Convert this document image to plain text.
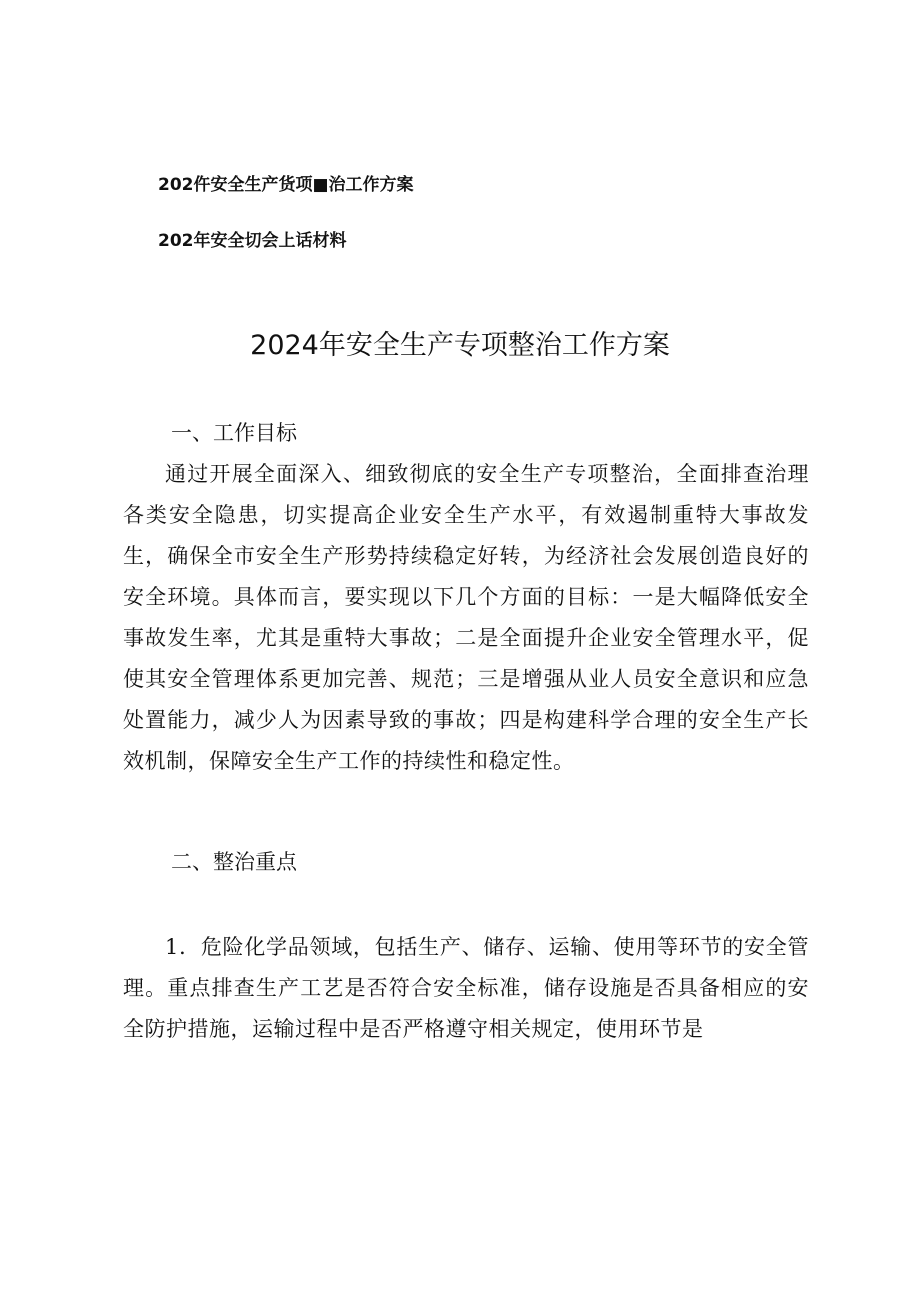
202仵安全生产货项■治工作方案

202年安全切会上话材料

2024年安全生产专项整治工作方案
一、工作目标

通过开展全面深入、细致彻底的安全生产专项整治，全面排查治理各类安全隐患，切实提高企业安全生产水平，有效遏制重特大事故发生，确保全市安全生产形势持续稳定好转，为经济社会发展创造良好的安全环境。具体而言，要实现以下几个方面的目标：一是大幅降低安全事故发生率，尤其是重特大事故；二是全面提升企业安全管理水平，促使其安全管理体系更加完善、规范；三是增强从业人员安全意识和应急处置能力，减少人为因素导致的事故；四是构建科学合理的安全生产长效机制，保障安全生产工作的持续性和稳定性。

二、整治重点

1．危险化学品领域，包括生产、储存、运输、使用等环节的安全管理。重点排查生产工艺是否符合安全标准，储存设施是否具备相应的安全防护措施，运输过程中是否严格遵守相关规定，使用环节是
